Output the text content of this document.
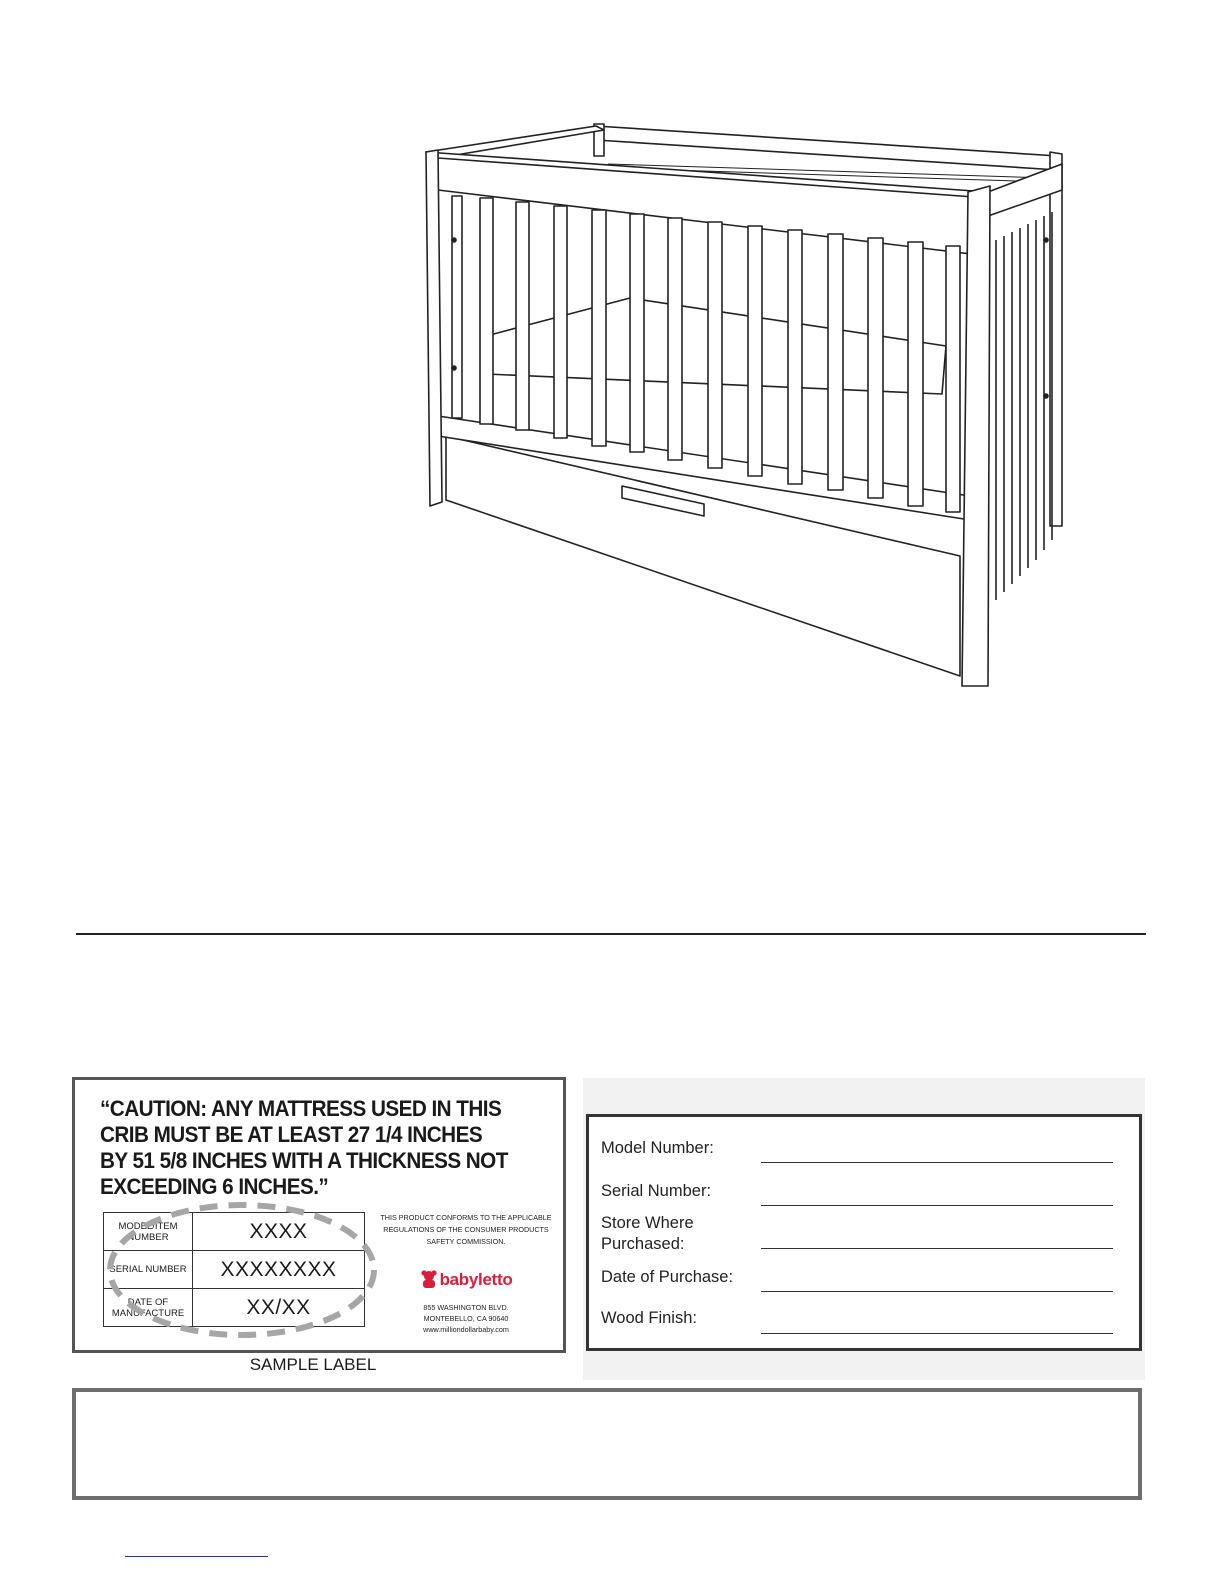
“CAUTION: ANY MATTRESS USED IN THIS CRIB MUST BE AT LEAST 27 1/4 INCHES BY 51 5/8 INCHES WITH A THICKNESS NOT EXCEEDING 6 INCHES.”
MODEL/ITEM NUMBER	XXXX
SERIAL NUMBER	XXXXXXXX
DATE OF MANUFACTURE	XX/XX
THIS PRODUCT CONFORMS TO THE APPLICABLE REGULATIONS OF THE CONSUMER PRODUCTS SAFETY COMMISSION.
babyletto
855 WASHINGTON BLVD.
MONTEBELLO, CA 90640
www.milliondollarbaby.com
SAMPLE LABEL
Model Number:
Serial Number:
Store Where Purchased:
Date of Purchase:
Wood Finish:
